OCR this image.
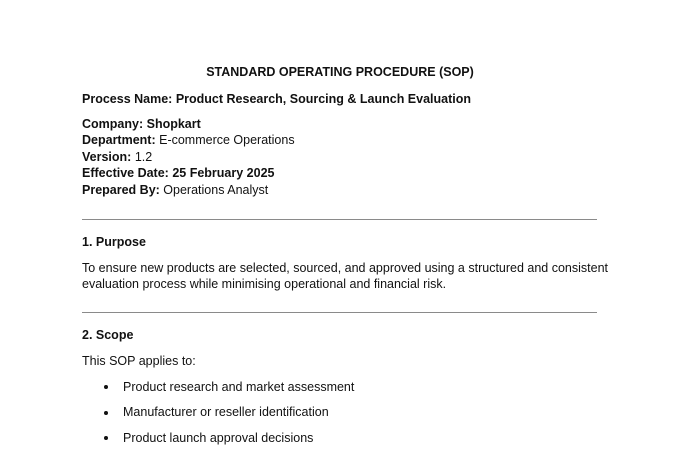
STANDARD OPERATING PROCEDURE (SOP)
Process Name: Product Research, Sourcing & Launch Evaluation
Company: Shopkart
Department: E-commerce Operations
Version: 1.2
Effective Date: 25 February 2025
Prepared By: Operations Analyst
1. Purpose
To ensure new products are selected, sourced, and approved using a structured and consistent
evaluation process while minimising operational and financial risk.
2. Scope
This SOP applies to:
Product research and market assessment
Manufacturer or reseller identification
Product launch approval decisions
